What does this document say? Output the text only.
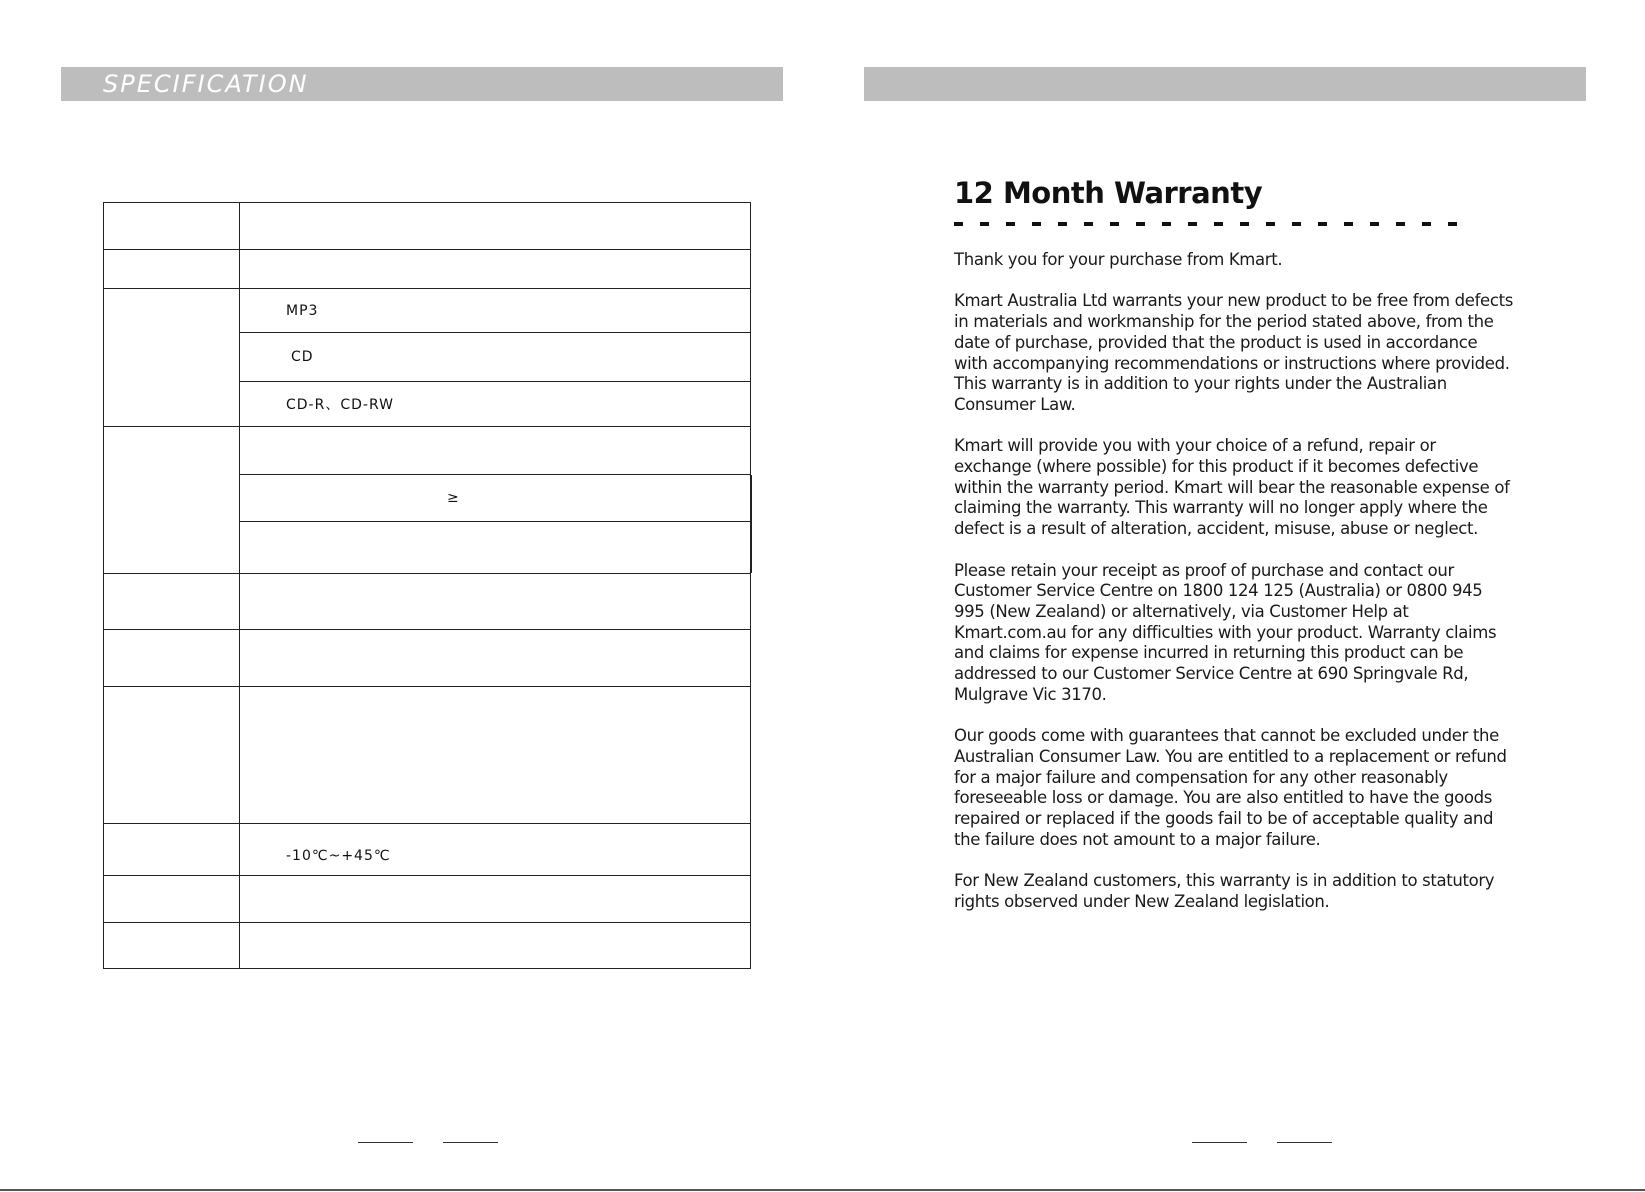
SPECIFICATION
MP3
CD
CD-R、CD-RW
≥
-10℃~+45℃
12 Month Warranty

Thank you for your purchase from Kmart.

Kmart Australia Ltd warrants your new product to be free from defects in materials and workmanship for the period stated above, from the date of purchase, provided that the product is used in accordance with accompanying recommendations or instructions where provided. This warranty is in addition to your rights under the Australian Consumer Law.

Kmart will provide you with your choice of a refund, repair or exchange (where possible) for this product if it becomes defective within the warranty period. Kmart will bear the reasonable expense of claiming the warranty. This warranty will no longer apply where the defect is a result of alteration, accident, misuse, abuse or neglect.

Please retain your receipt as proof of purchase and contact our Customer Service Centre on 1800 124 125 (Australia) or 0800 945 995 (New Zealand) or alternatively, via Customer Help at Kmart.com.au for any difficulties with your product. Warranty claims and claims for expense incurred in returning this product can be addressed to our Customer Service Centre at 690 Springvale Rd, Mulgrave Vic 3170.

Our goods come with guarantees that cannot be excluded under the Australian Consumer Law. You are entitled to a replacement or refund for a major failure and compensation for any other reasonably foreseeable loss or damage. You are also entitled to have the goods repaired or replaced if the goods fail to be of acceptable quality and the failure does not amount to a major failure.

For New Zealand customers, this warranty is in addition to statutory rights observed under New Zealand legislation.
